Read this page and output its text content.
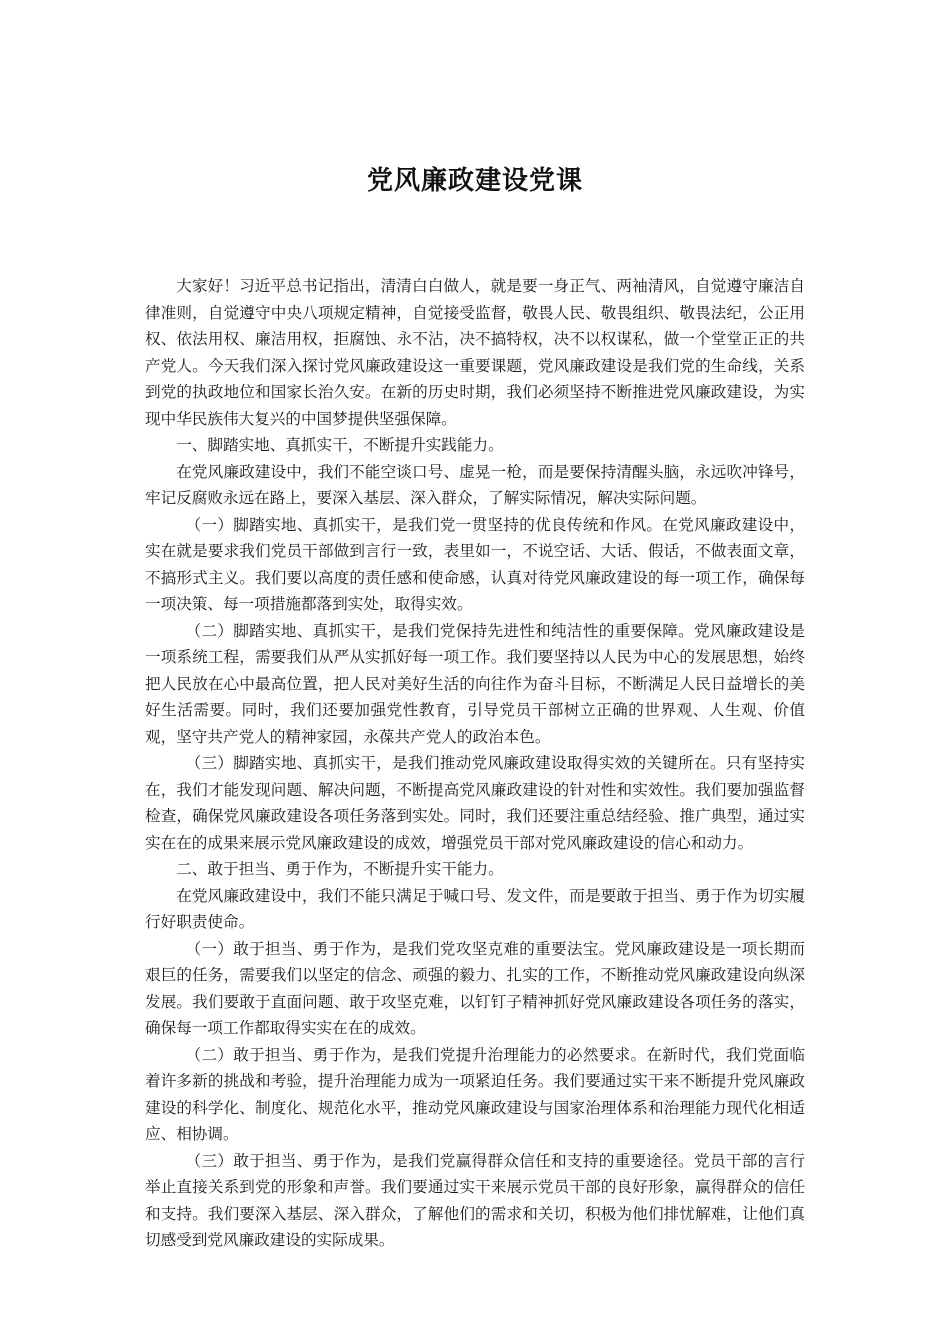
党风廉政建设党课

大家好！习近平总书记指出，清清白白做人，就是要一身正气、两袖清风，自觉遵守廉洁自律准则，自觉遵守中央八项规定精神，自觉接受监督，敬畏人民、敬畏组织、敬畏法纪，公正用权、依法用权、廉洁用权，拒腐蚀、永不沾，决不搞特权，决不以权谋私，做一个堂堂正正的共产党人。今天我们深入探讨党风廉政建设这一重要课题，党风廉政建设是我们党的生命线，关系到党的执政地位和国家长治久安。在新的历史时期，我们必须坚持不断推进党风廉政建设，为实现中华民族伟大复兴的中国梦提供坚强保障。

一、脚踏实地、真抓实干，不断提升实践能力。

在党风廉政建设中，我们不能空谈口号、虚晃一枪，而是要保持清醒头脑，永远吹冲锋号，牢记反腐败永远在路上，要深入基层、深入群众，了解实际情况，解决实际问题。

（一）脚踏实地、真抓实干，是我们党一贯坚持的优良传统和作风。在党风廉政建设中，实在就是要求我们党员干部做到言行一致，表里如一，不说空话、大话、假话，不做表面文章，不搞形式主义。我们要以高度的责任感和使命感，认真对待党风廉政建设的每一项工作，确保每一项决策、每一项措施都落到实处，取得实效。

（二）脚踏实地、真抓实干，是我们党保持先进性和纯洁性的重要保障。党风廉政建设是一项系统工程，需要我们从严从实抓好每一项工作。我们要坚持以人民为中心的发展思想，始终把人民放在心中最高位置，把人民对美好生活的向往作为奋斗目标，不断满足人民日益增长的美好生活需要。同时，我们还要加强党性教育，引导党员干部树立正确的世界观、人生观、价值观，坚守共产党人的精神家园，永葆共产党人的政治本色。

（三）脚踏实地、真抓实干，是我们推动党风廉政建设取得实效的关键所在。只有坚持实在，我们才能发现问题、解决问题，不断提高党风廉政建设的针对性和实效性。我们要加强监督检查，确保党风廉政建设各项任务落到实处。同时，我们还要注重总结经验、推广典型，通过实实在在的成果来展示党风廉政建设的成效，增强党员干部对党风廉政建设的信心和动力。

二、敢于担当、勇于作为，不断提升实干能力。

在党风廉政建设中，我们不能只满足于喊口号、发文件，而是要敢于担当、勇于作为切实履行好职责使命。

（一）敢于担当、勇于作为，是我们党攻坚克难的重要法宝。党风廉政建设是一项长期而艰巨的任务，需要我们以坚定的信念、顽强的毅力、扎实的工作，不断推动党风廉政建设向纵深发展。我们要敢于直面问题、敢于攻坚克难，以钉钉子精神抓好党风廉政建设各项任务的落实，确保每一项工作都取得实实在在的成效。

（二）敢于担当、勇于作为，是我们党提升治理能力的必然要求。在新时代，我们党面临着许多新的挑战和考验，提升治理能力成为一项紧迫任务。我们要通过实干来不断提升党风廉政建设的科学化、制度化、规范化水平，推动党风廉政建设与国家治理体系和治理能力现代化相适应、相协调。

（三）敢于担当、勇于作为，是我们党赢得群众信任和支持的重要途径。党员干部的言行举止直接关系到党的形象和声誉。我们要通过实干来展示党员干部的良好形象，赢得群众的信任和支持。我们要深入基层、深入群众，了解他们的需求和关切，积极为他们排忧解难，让他们真切感受到党风廉政建设的实际成果。
